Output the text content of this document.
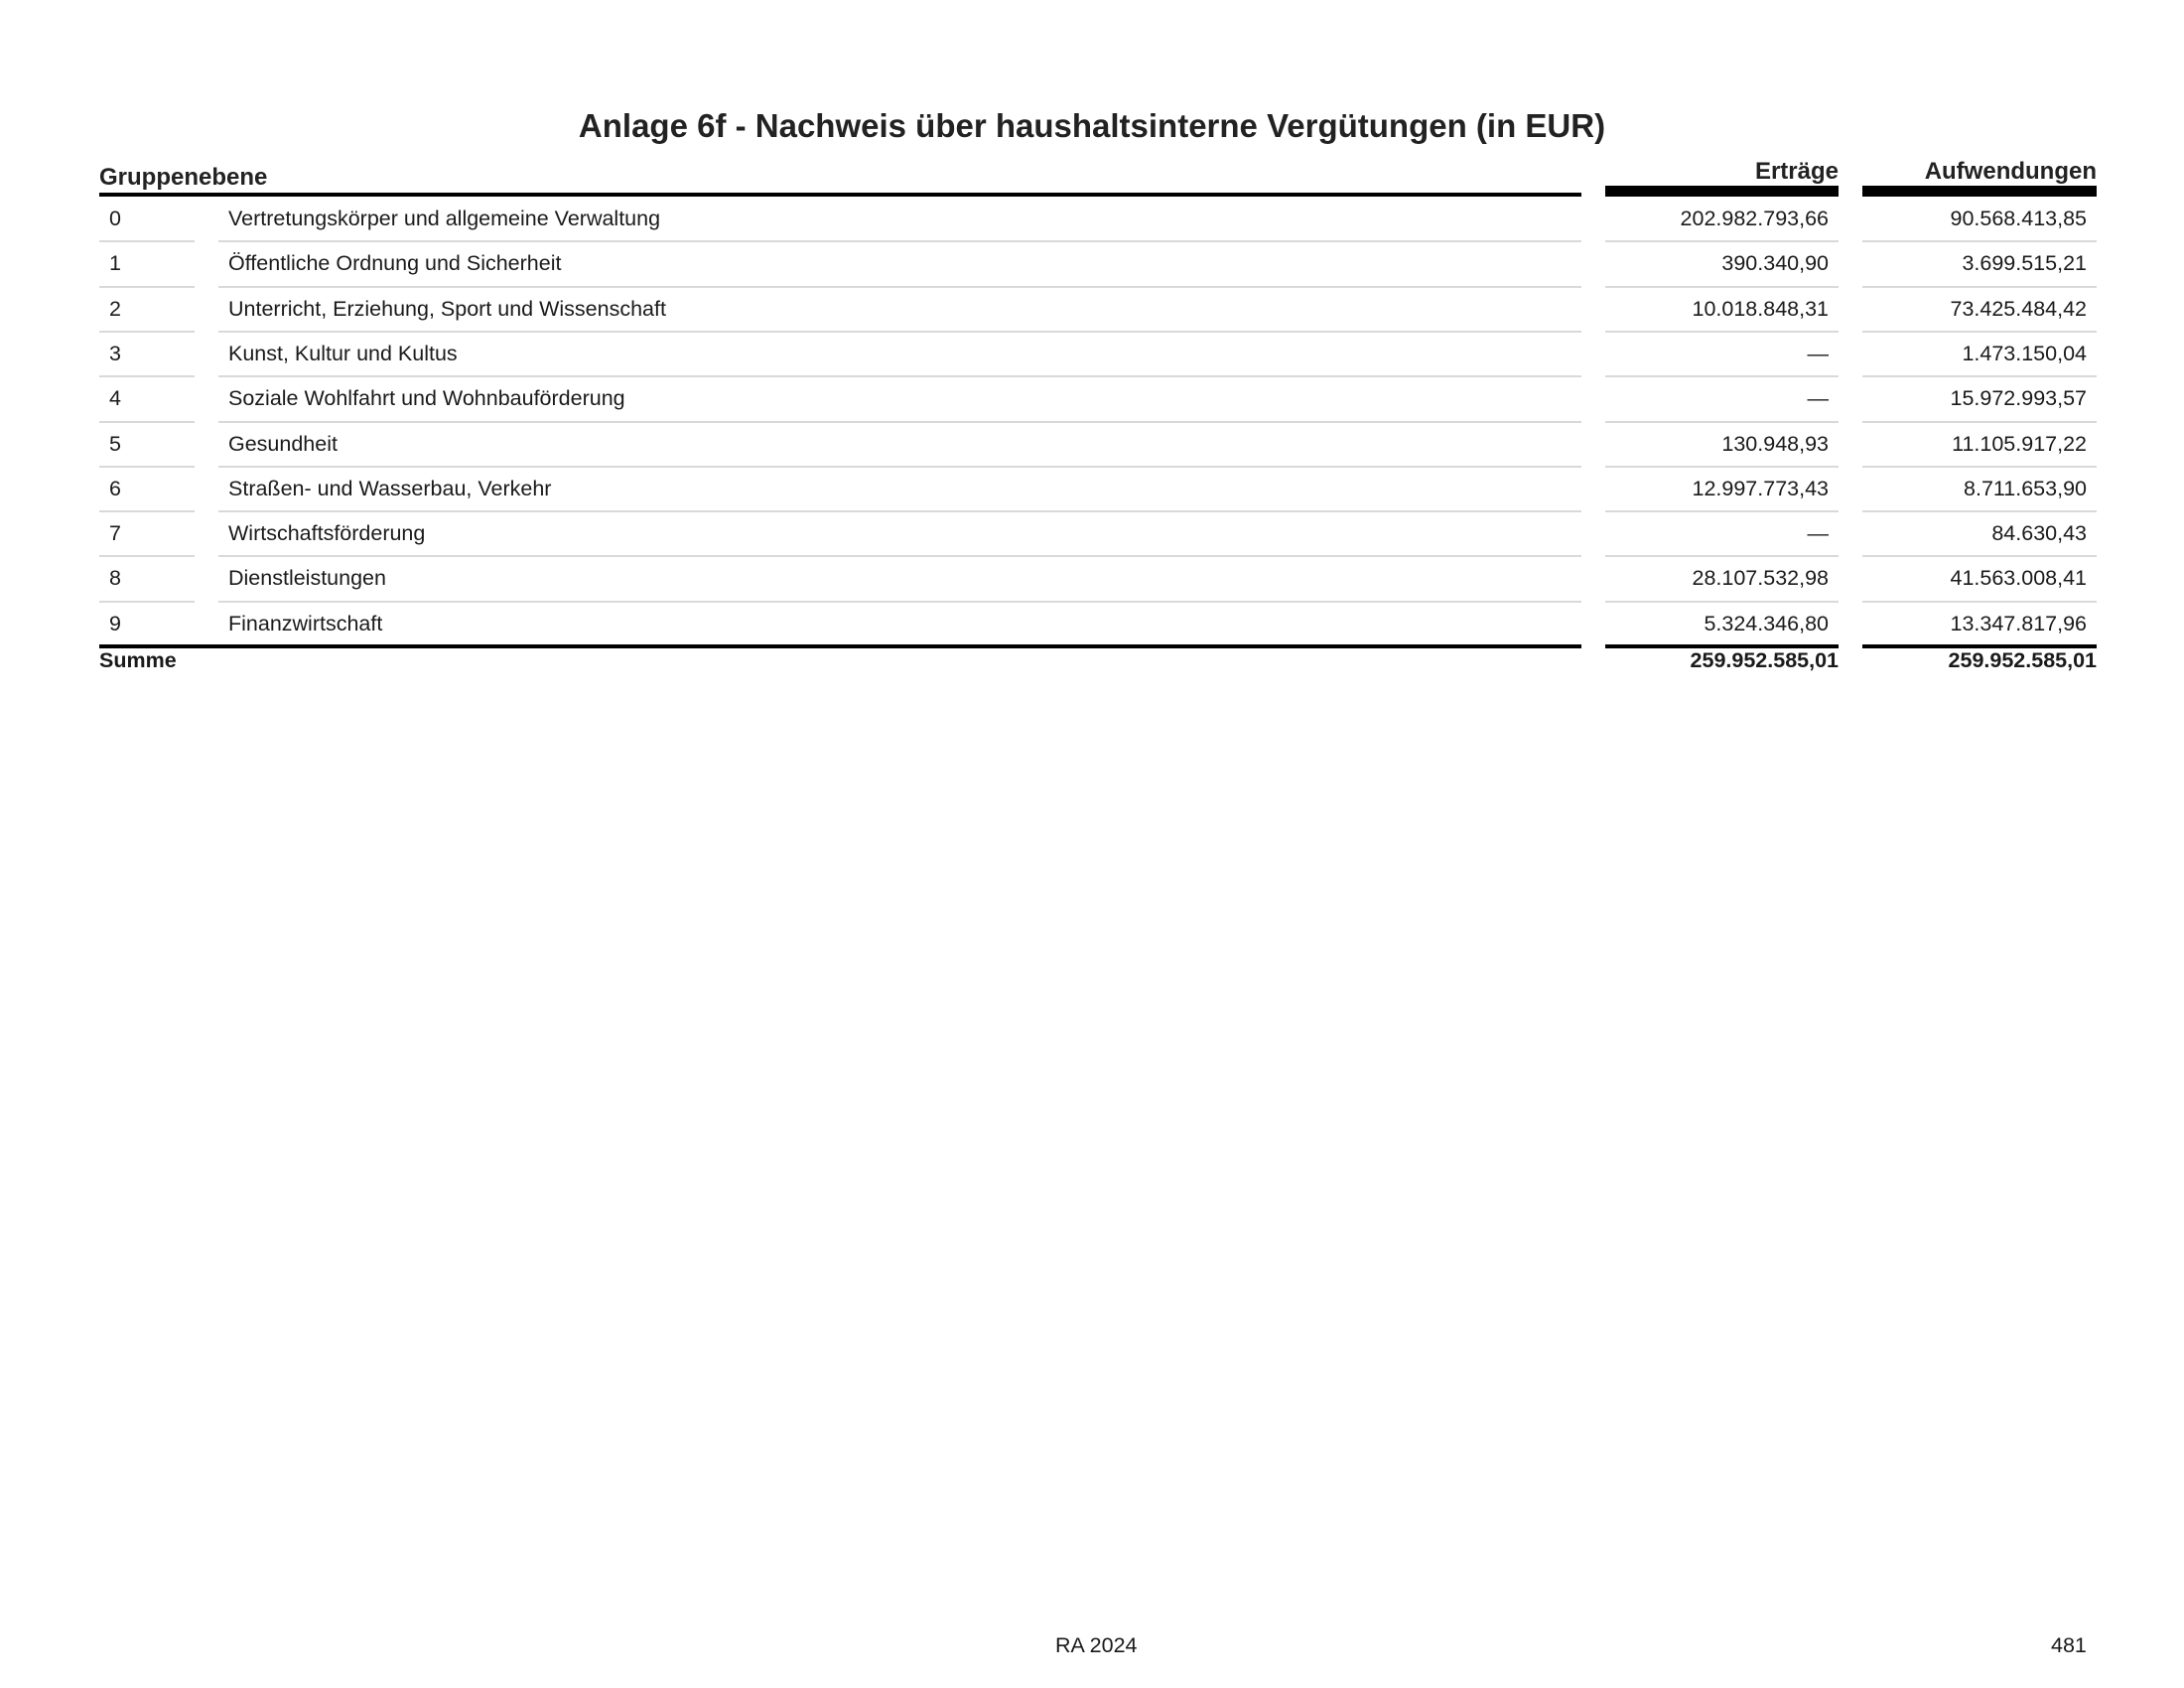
Anlage 6f - Nachweis über haushaltsinterne Vergütungen (in EUR)
Gruppenebene	Erträge	Aufwendungen
0	Vertretungskörper und allgemeine Verwaltung	202.982.793,66	90.568.413,85
1	Öffentliche Ordnung und Sicherheit	390.340,90	3.699.515,21
2	Unterricht, Erziehung, Sport und Wissenschaft	10.018.848,31	73.425.484,42
3	Kunst, Kultur und Kultus	—	1.473.150,04
4	Soziale Wohlfahrt und Wohnbauförderung	—	15.972.993,57
5	Gesundheit	130.948,93	11.105.917,22
6	Straßen- und Wasserbau, Verkehr	12.997.773,43	8.711.653,90
7	Wirtschaftsförderung	—	84.630,43
8	Dienstleistungen	28.107.532,98	41.563.008,41
9	Finanzwirtschaft	5.324.346,80	13.347.817,96
Summe	259.952.585,01	259.952.585,01
RA 2024	481
